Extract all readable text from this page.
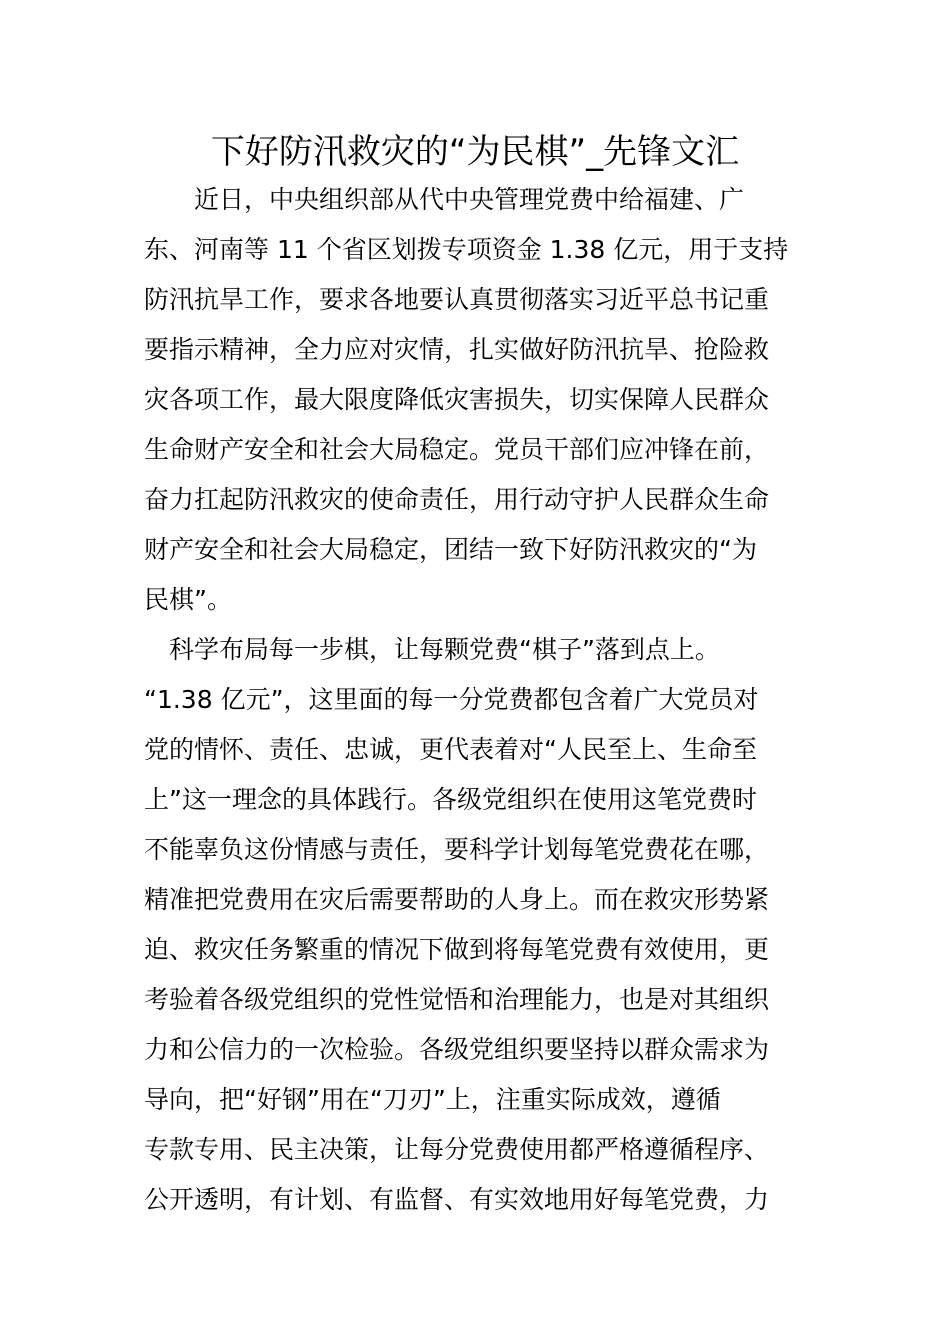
下好防汛救灾的“为民棋”_先锋文汇

　　近日，中央组织部从代中央管理党费中给福建、广

东、河南等 11 个省区划拨专项资金 1.38 亿元，用于支持

防汛抗旱工作，要求各地要认真贯彻落实习近平总书记重

要指示精神，全力应对灾情，扎实做好防汛抗旱、抢险救

灾各项工作，最大限度降低灾害损失，切实保障人民群众

生命财产安全和社会大局稳定。党员干部们应冲锋在前，

奋力扛起防汛救灾的使命责任，用行动守护人民群众生命

财产安全和社会大局稳定，团结一致下好防汛救灾的“为

民棋”。

　科学布局每一步棋，让每颗党费“棋子”落到点上。

“1.38 亿元”，这里面的每一分党费都包含着广大党员对

党的情怀、责任、忠诚，更代表着对“人民至上、生命至

上”这一理念的具体践行。各级党组织在使用这笔党费时

不能辜负这份情感与责任，要科学计划每笔党费花在哪，

精准把党费用在灾后需要帮助的人身上。而在救灾形势紧

迫、救灾任务繁重的情况下做到将每笔党费有效使用，更

考验着各级党组织的党性觉悟和治理能力，也是对其组织

力和公信力的一次检验。各级党组织要坚持以群众需求为

导向，把“好钢”用在“刀刃”上，注重实际成效，遵循

专款专用、民主决策，让每分党费使用都严格遵循程序、

公开透明，有计划、有监督、有实效地用好每笔党费，力
